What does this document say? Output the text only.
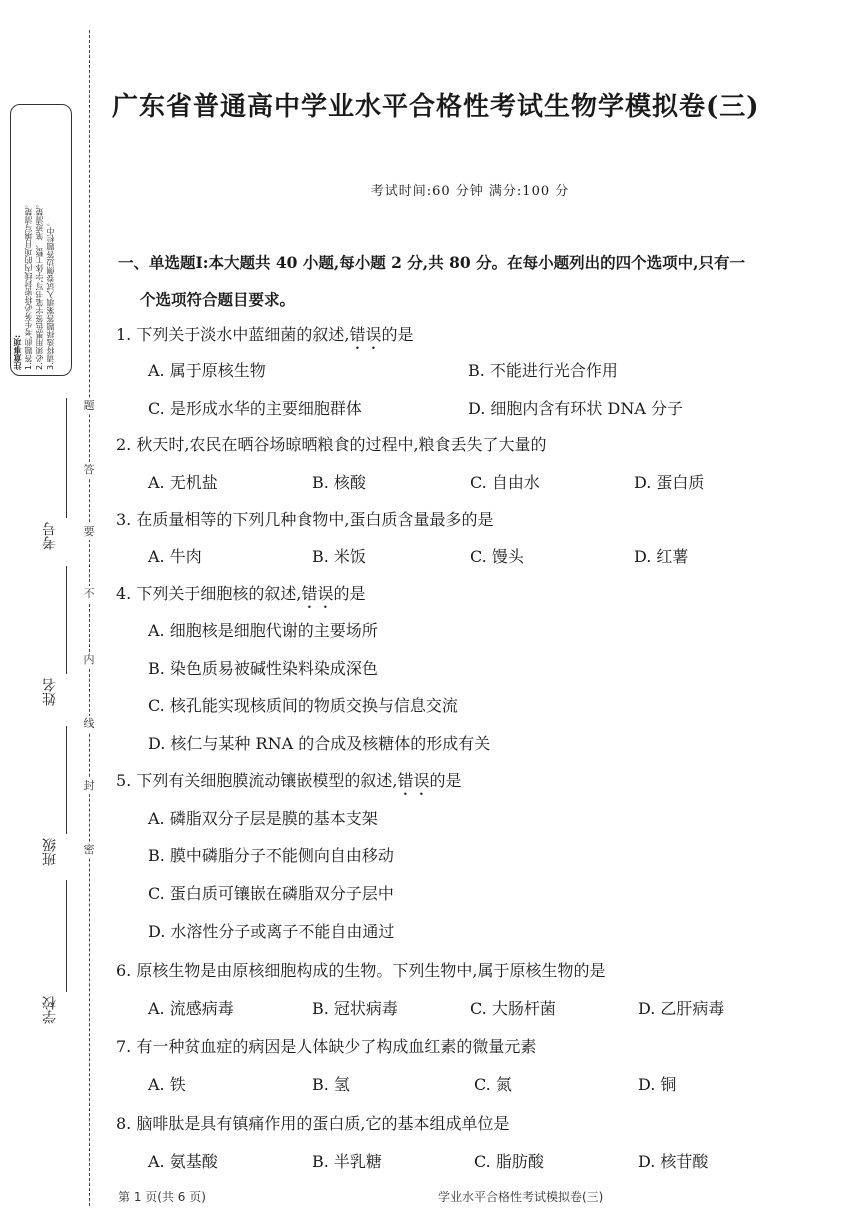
注意事项: 1.答题前,考生务必将密封线内的项目填写清楚。 2.必须用黑色签字笔书写,字体工整、笔迹清楚。 3.请将选择题答案填入试卷侧边答题栏中。
题
答
要
不
内
线
封
密
考号
姓名
班级
学校
广东省普通高中学业水平合格性考试生物学模拟卷(三)
考试时间:60 分钟 满分:100 分
一、单选题Ⅰ:本大题共 40 小题,每小题 2 分,共 80 分。在每小题列出的四个选项中,只有一
个选项符合题目要求。
1. 下列关于淡水中蓝细菌的叙述,错误的是
A. 属于原核生物	B. 不能进行光合作用
C. 是形成水华的主要细胞群体	D. 细胞内含有环状 DNA 分子
2. 秋天时,农民在晒谷场晾晒粮食的过程中,粮食丢失了大量的
A. 无机盐	B. 核酸	C. 自由水	D. 蛋白质
3. 在质量相等的下列几种食物中,蛋白质含量最多的是
A. 牛肉	B. 米饭	C. 馒头	D. 红薯
4. 下列关于细胞核的叙述,错误的是
A. 细胞核是细胞代谢的主要场所
B. 染色质易被碱性染料染成深色
C. 核孔能实现核质间的物质交换与信息交流
D. 核仁与某种 RNA 的合成及核糖体的形成有关
5. 下列有关细胞膜流动镶嵌模型的叙述,错误的是
A. 磷脂双分子层是膜的基本支架
B. 膜中磷脂分子不能侧向自由移动
C. 蛋白质可镶嵌在磷脂双分子层中
D. 水溶性分子或离子不能自由通过
6. 原核生物是由原核细胞构成的生物。下列生物中,属于原核生物的是
A. 流感病毒	B. 冠状病毒	C. 大肠杆菌	D. 乙肝病毒
7. 有一种贫血症的病因是人体缺少了构成血红素的微量元素
A. 铁	B. 氢	C. 氮	D. 铜
8. 脑啡肽是具有镇痛作用的蛋白质,它的基本组成单位是
A. 氨基酸	B. 半乳糖	C. 脂肪酸	D. 核苷酸
第 1 页(共 6 页)	学业水平合格性考试模拟卷(三)
